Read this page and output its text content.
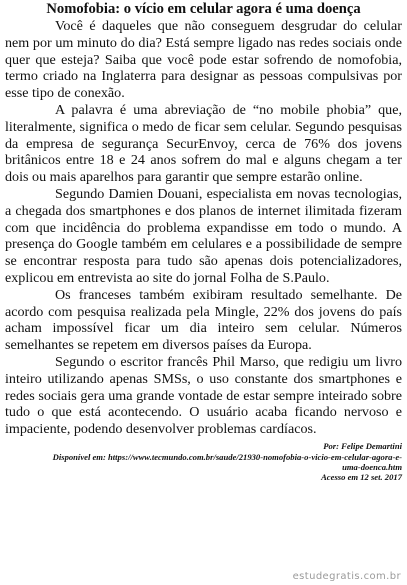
Nomofobia: o vício em celular agora é uma doença

Você é daqueles que não conseguem desgrudar do celular nem por um minuto do dia? Está sempre ligado nas redes sociais onde quer que esteja? Saiba que você pode estar sofrendo de nomofobia, termo criado na Inglaterra para designar as pessoas compulsivas por esse tipo de conexão.

A palavra é uma abreviação de “no mobile phobia” que, literalmente, significa o medo de ficar sem celular. Segundo pesquisas da empresa de segurança SecurEnvoy, cerca de 76% dos jovens britânicos entre 18 e 24 anos sofrem do mal e alguns chegam a ter dois ou mais aparelhos para garantir que sempre estarão online.

Segundo Damien Douani, especialista em novas tecnologias, a chegada dos smartphones e dos planos de internet ilimitada fizeram com que incidência do problema expandisse em todo o mundo. A presença do Google também em celulares e a possibilidade de sempre se encontrar resposta para tudo são apenas dois potencializadores, explicou em entrevista ao site do jornal Folha de S.Paulo.

Os franceses também exibiram resultado semelhante. De acordo com pesquisa realizada pela Mingle, 22% dos jovens do país acham impossível ficar um dia inteiro sem celular. Números semelhantes se repetem em diversos países da Europa.

Segundo o escritor francês Phil Marso, que redigiu um livro inteiro utilizando apenas SMSs, o uso constante dos smartphones e redes sociais gera uma grande vontade de estar sempre inteirado sobre tudo o que está acontecendo. O usuário acaba ficando nervoso e impaciente, podendo desenvolver problemas cardíacos.

Por: Felipe Demartini

Disponível em: https://www.tecmundo.com.br/saude/21930-nomofobia-o-vicio-em-celular-agora-e-

uma-doenca.htm

Acesso em 12 set. 2017

estudegratis.com.br
